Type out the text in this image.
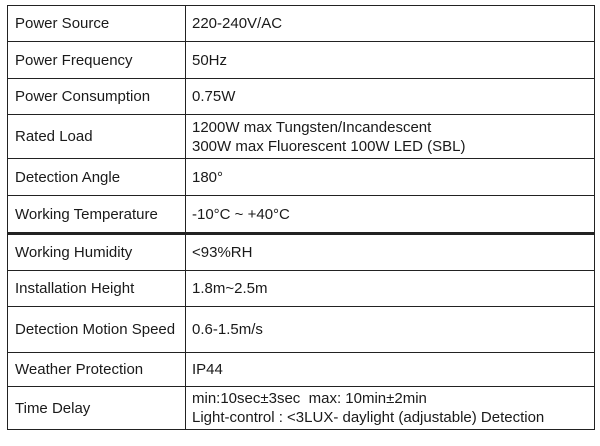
Power Source	220-240V/AC

Power Frequency	50Hz

Power Consumption	0.75W

Rated Load	1200W max Tungsten/Incandescent
300W max Fluorescent 100W LED (SBL)

Detection Angle	180°

Working Temperature	-10°C ~ +40°C

Working Humidity	<93%RH

Installation Height	1.8m~2.5m

Detection Motion Speed	0.6-1.5m/s

Weather Protection	IP44

Time Delay	min:10sec±3sec  max: 10min±2min
Light-control : <3LUX- daylight (adjustable) Detection
